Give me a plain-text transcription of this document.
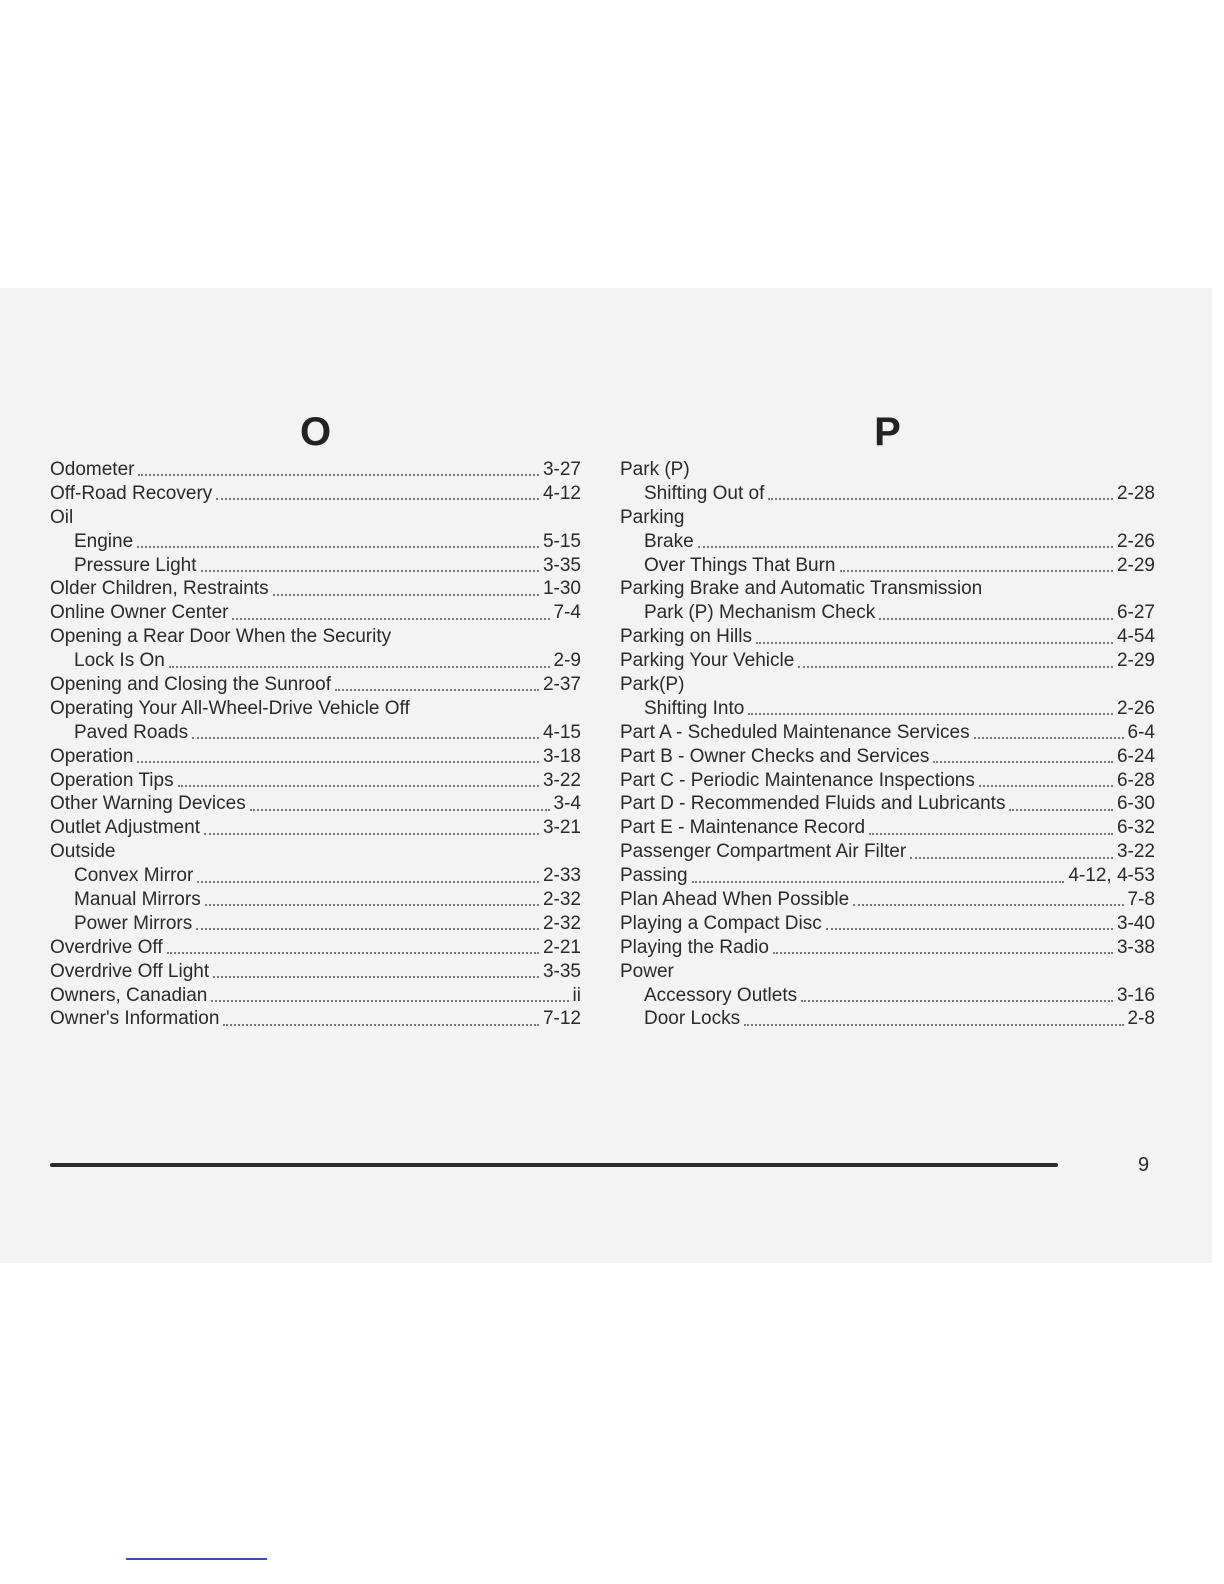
O
Odometer	3-27
Off-Road Recovery	4-12
Oil
Engine	5-15
Pressure Light	3-35
Older Children, Restraints	1-30
Online Owner Center	7-4
Opening a Rear Door When the Security
Lock Is On	2-9
Opening and Closing the Sunroof	2-37
Operating Your All-Wheel-Drive Vehicle Off
Paved Roads	4-15
Operation	3-18
Operation Tips	3-22
Other Warning Devices	3-4
Outlet Adjustment	3-21
Outside
Convex Mirror	2-33
Manual Mirrors	2-32
Power Mirrors	2-32
Overdrive Off	2-21
Overdrive Off Light	3-35
Owners, Canadian	ii
Owner's Information	7-12
P
Park (P)
Shifting Out of	2-28
Parking
Brake	2-26
Over Things That Burn	2-29
Parking Brake and Automatic Transmission
Park (P) Mechanism Check	6-27
Parking on Hills	4-54
Parking Your Vehicle	2-29
Park(P)
Shifting Into	2-26
Part A - Scheduled Maintenance Services	6-4
Part B - Owner Checks and Services	6-24
Part C - Periodic Maintenance Inspections	6-28
Part D - Recommended Fluids and Lubricants	6-30
Part E - Maintenance Record	6-32
Passenger Compartment Air Filter	3-22
Passing	4-12, 4-53
Plan Ahead When Possible	7-8
Playing a Compact Disc	3-40
Playing the Radio	3-38
Power
Accessory Outlets	3-16
Door Locks	2-8
9
